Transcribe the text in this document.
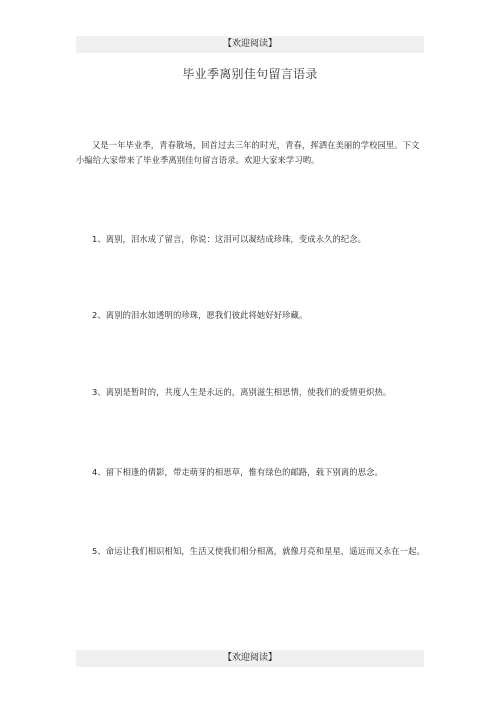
【欢迎阅读】
毕业季离别佳句留言语录

又是一年毕业季，青春散场，回首过去三年的时光，青春，挥洒在美丽的学校园里。下文小编给大家带来了毕业季离别佳句留言语录。欢迎大家来学习哟。

1、离别，泪水成了留言，你说：这泪可以凝结成珍珠，变成永久的纪念。

2、离别的泪水如透明的珍珠，愿我们彼此将她好好珍藏。

3、离别是暂时的，共度人生是永远的，离别滋生相思情，使我们的爱情更炽热。

4、留下相逢的倩影，带走萌芽的相思草，惟有绿色的邮路，载下别离的思念。

5、命运让我们相识相知，生活又使我们相分相离，就像月亮和星星，遥远而又永在一起。

【欢迎阅读】
